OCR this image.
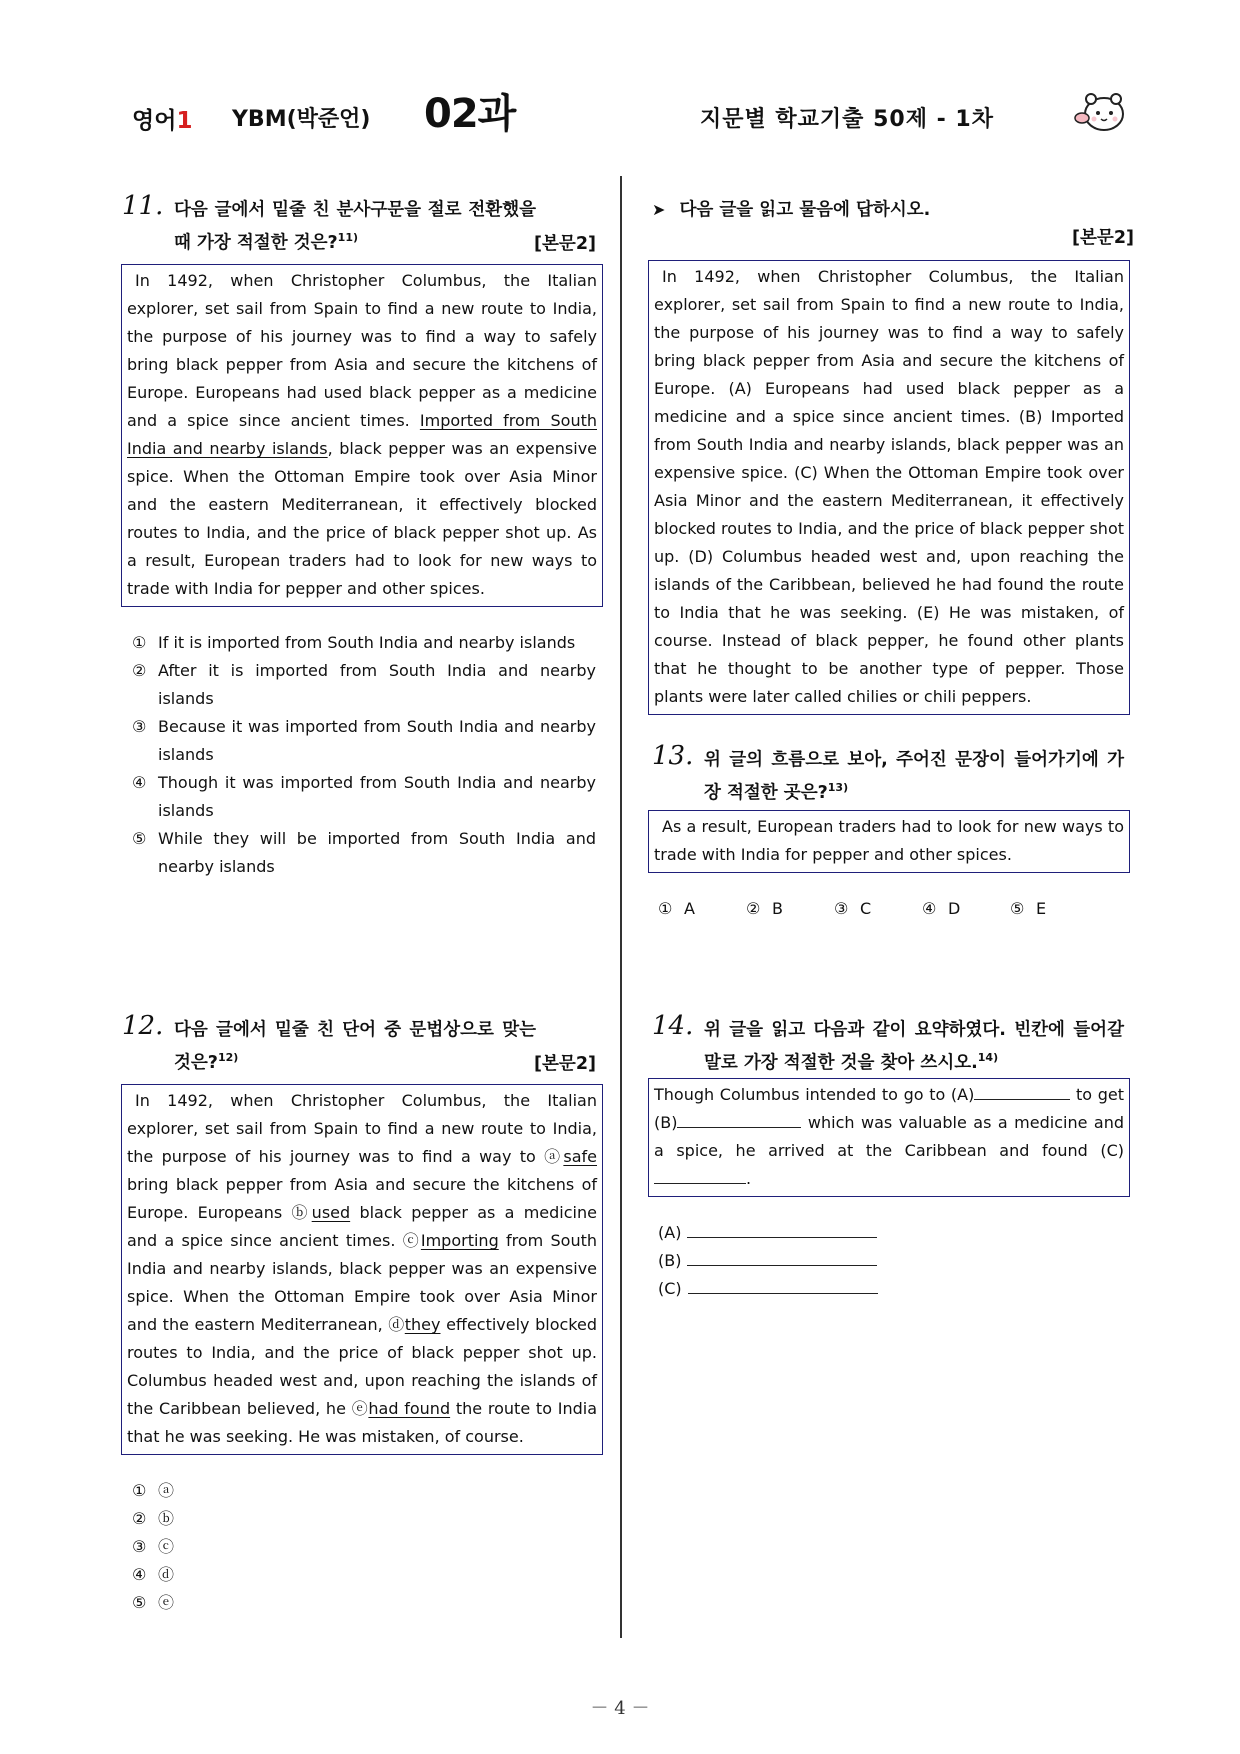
영어1 YBM(박준언) 02과	지문별 학교기출 50제 - 1차
11. 다음 글에서 밑줄 친 분사구문을 절로 전환했을 때 가장 적절한 것은?$^{11)}$	[본문2]

In 1492, when Christopher Columbus, the Italian explorer, set sail from Spain to find a new route to India, the purpose of his journey was to find a way to safely bring black pepper from Asia and secure the kitchens of Europe. Europeans had used black pepper as a medicine and a spice since ancient times. Imported from South India and nearby islands, black pepper was an expensive spice. When the Ottoman Empire took over Asia Minor and the eastern Mediterranean, it effectively blocked routes to India, and the price of black pepper shot up. As a result, European traders had to look for new ways to trade with India for pepper and other spices.

① If it is imported from South India and nearby islands
② After it is imported from South India and nearby islands
③ Because it was imported from South India and nearby islands
④ Though it was imported from South India and nearby islands
⑤ While they will be imported from South India and nearby islands
12. 다음 글에서 밑줄 친 단어 중 문법상으로 맞는 것은?$^{12)}$	[본문2]

In 1492, when Christopher Columbus, the Italian explorer, set sail from Spain to find a new route to India, the purpose of his journey was to find a way to ⓐsafe bring black pepper from Asia and secure the kitchens of Europe. Europeans ⓑused black pepper as a medicine and a spice since ancient times. ⓒImporting from South India and nearby islands, black pepper was an expensive spice. When the Ottoman Empire took over Asia Minor and the eastern Mediterranean, ⓓthey effectively blocked routes to India, and the price of black pepper shot up. Columbus headed west and, upon reaching the islands of the Caribbean believed, he ⓔhad found the route to India that he was seeking. He was mistaken, of course.

① ⓐ
② ⓑ
③ ⓒ
④ ⓓ
⑤ ⓔ
➤ 다음 글을 읽고 물음에 답하시오.
[본문2]

In 1492, when Christopher Columbus, the Italian explorer, set sail from Spain to find a new route to India, the purpose of his journey was to find a way to safely bring black pepper from Asia and secure the kitchens of Europe. (A) Europeans had used black pepper as a medicine and a spice since ancient times. (B) Imported from South India and nearby islands, black pepper was an expensive spice. (C) When the Ottoman Empire took over Asia Minor and the eastern Mediterranean, it effectively blocked routes to India, and the price of black pepper shot up. (D) Columbus headed west and, upon reaching the islands of the Caribbean, believed he had found the route to India that he was seeking. (E) He was mistaken, of course. Instead of black pepper, he found other plants that he thought to be another type of pepper. Those plants were later called chilies or chili peppers.

13. 위 글의 흐름으로 보아, 주어진 문장이 들어가기에 가장 적절한 곳은?$^{13)}$

As a result, European traders had to look for new ways to trade with India for pepper and other spices.

① A	② B	③ C	④ D	⑤ E
14. 위 글을 읽고 다음과 같이 요약하였다. 빈칸에 들어갈 말로 가장 적절한 것을 찾아 쓰시오.$^{14)}$

Though Columbus intended to go to (A)	to get (B)	which was valuable as a medicine and a spice, he arrived at the Caribbean and found (C).

(A)
(B)
(C)
－ 4 －
